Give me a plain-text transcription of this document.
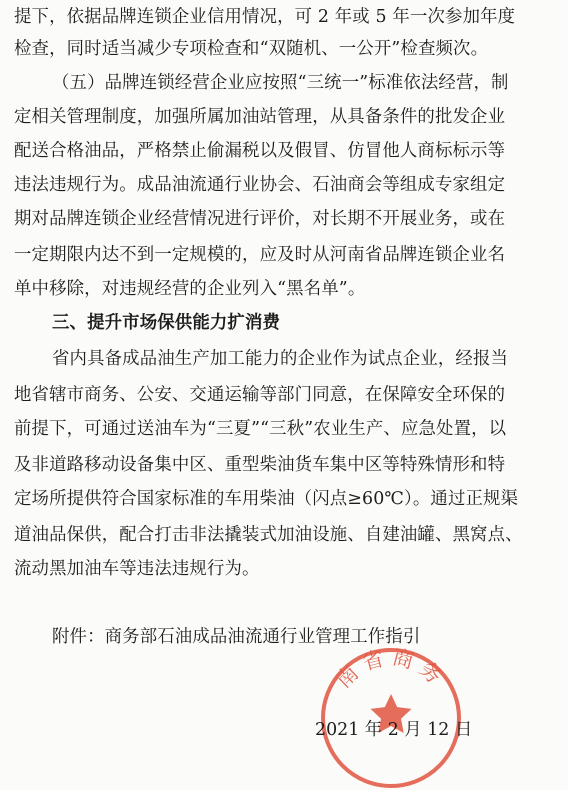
提下，依据品牌连锁企业信用情况，可 2 年或 5 年一次参加年度
检查，同时适当减少专项检查和“双随机、一公开”检查频次。
（五）品牌连锁经营企业应按照“三统一”标准依法经营，制
定相关管理制度，加强所属加油站管理，从具备条件的批发企业
配送合格油品，严格禁止偷漏税以及假冒、仿冒他人商标标示等
违法违规行为。成品油流通行业协会、石油商会等组成专家组定
期对品牌连锁企业经营情况进行评价，对长期不开展业务，或在
一定期限内达不到一定规模的，应及时从河南省品牌连锁企业名
单中移除，对违规经营的企业列入“黑名单”。
三、提升市场保供能力扩消费
省内具备成品油生产加工能力的企业作为试点企业，经报当
地省辖市商务、公安、交通运输等部门同意，在保障安全环保的
前提下，可通过送油车为“三夏”“三秋”农业生产、应急处置，以
及非道路移动设备集中区、重型柴油货车集中区等特殊情形和特
定场所提供符合国家标准的车用柴油（闪点≥60℃）。通过正规渠
道油品保供，配合打击非法撬装式加油设施、自建油罐、黑窝点、
流动黑加油车等违法违规行为。
附件：商务部石油成品油流通行业管理工作指引
南省商务
2021 年 2 月 12 日
